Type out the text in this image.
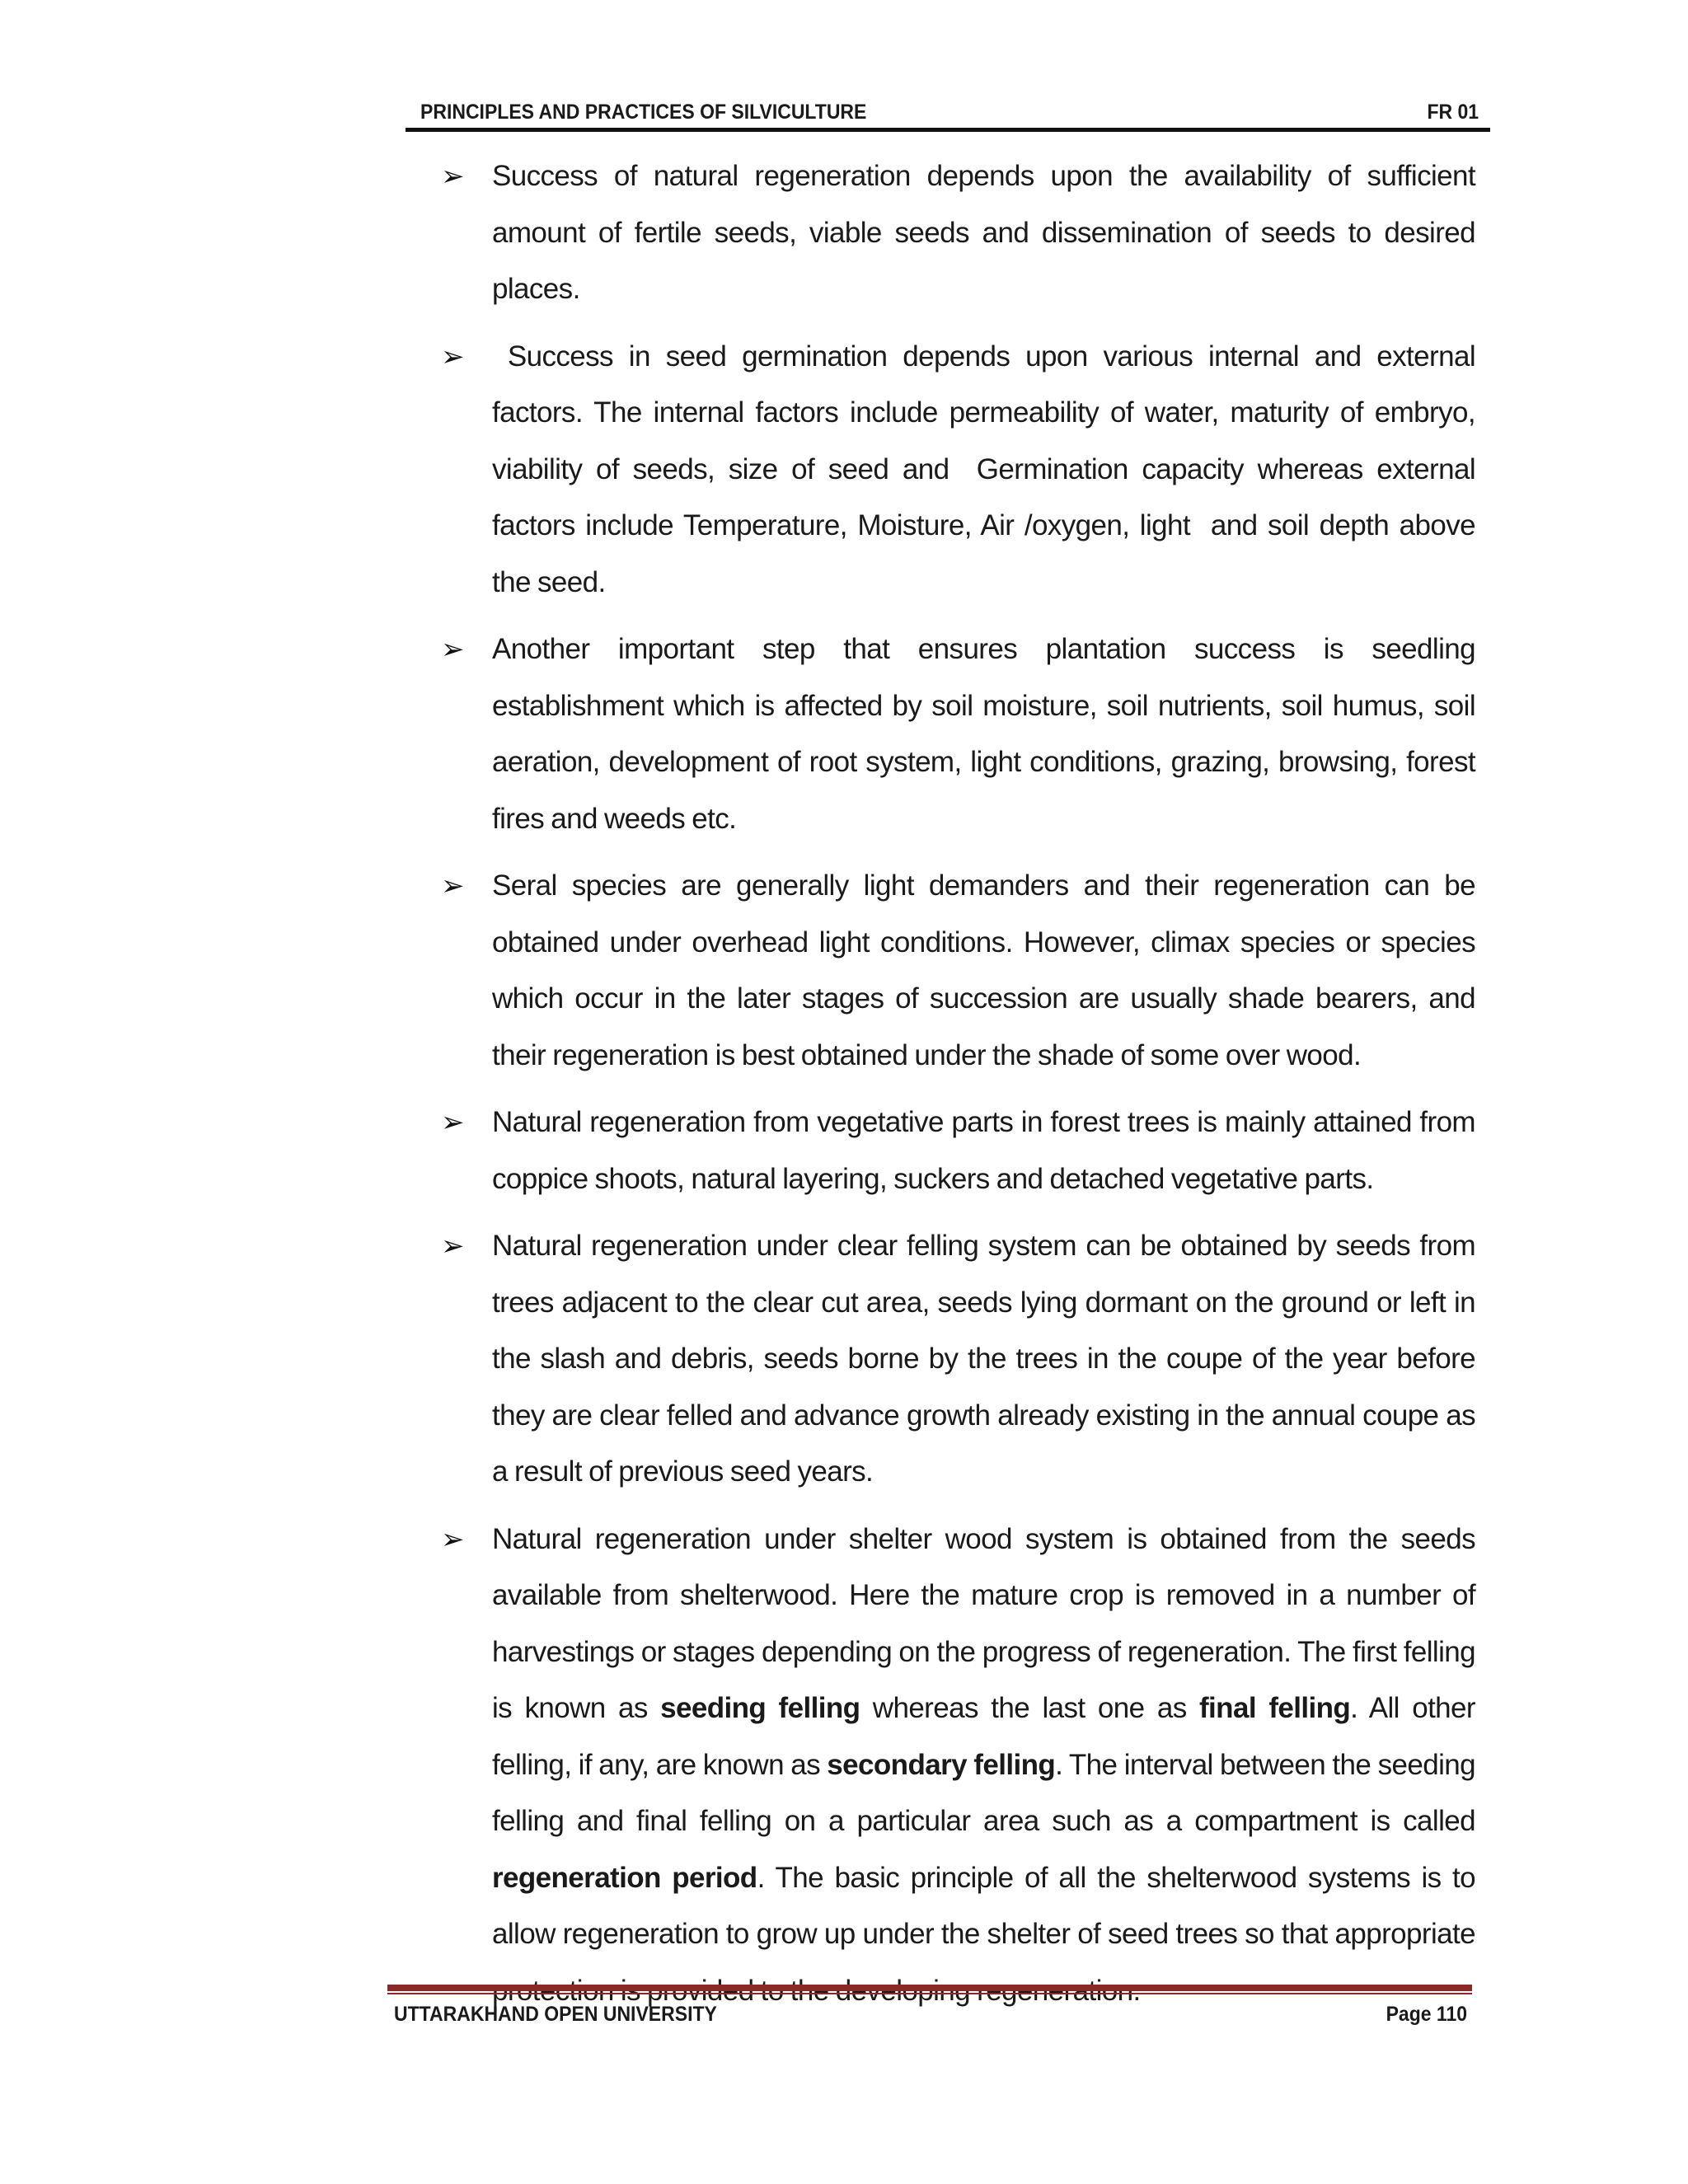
PRINCIPLES AND PRACTICES OF SILVICULTURE	FR 01
➢ Success of natural regeneration depends upon the availability of sufficient amount of fertile seeds, viable seeds and dissemination of seeds to desired places.
➢ Success in seed germination depends upon various internal and external factors. The internal factors include permeability of water, maturity of embryo, viability of seeds, size of seed and  Germination capacity whereas external factors include Temperature, Moisture, Air /oxygen, light  and soil depth above the seed.
➢ Another important step that ensures plantation success is seedling establishment which is affected by soil moisture, soil nutrients, soil humus, soil aeration, development of root system, light conditions, grazing, browsing, forest fires and weeds etc.
➢ Seral species are generally light demanders and their regeneration can be obtained under overhead light conditions. However, climax species or species which occur in the later stages of succession are usually shade bearers, and their regeneration is best obtained under the shade of some over wood.
➢ Natural regeneration from vegetative parts in forest trees is mainly attained from coppice shoots, natural layering, suckers and detached vegetative parts.
➢ Natural regeneration under clear felling system can be obtained by seeds from trees adjacent to the clear cut area, seeds lying dormant on the ground or left in the slash and debris, seeds borne by the trees in the coupe of the year before they are clear felled and advance growth already existing in the annual coupe as a result of previous seed years.
➢ Natural regeneration under shelter wood system is obtained from the seeds available from shelterwood. Here the mature crop is removed in a number of harvestings or stages depending on the progress of regeneration. The first felling is known as seeding felling whereas the last one as final felling. All other felling, if any, are known as secondary felling. The interval between the seeding felling and final felling on a particular area such as a compartment is called regeneration period. The basic principle of all the shelterwood systems is to allow regeneration to grow up under the shelter of seed trees so that appropriate
UTTARAKHAND OPEN UNIVERSITY	Page 110
